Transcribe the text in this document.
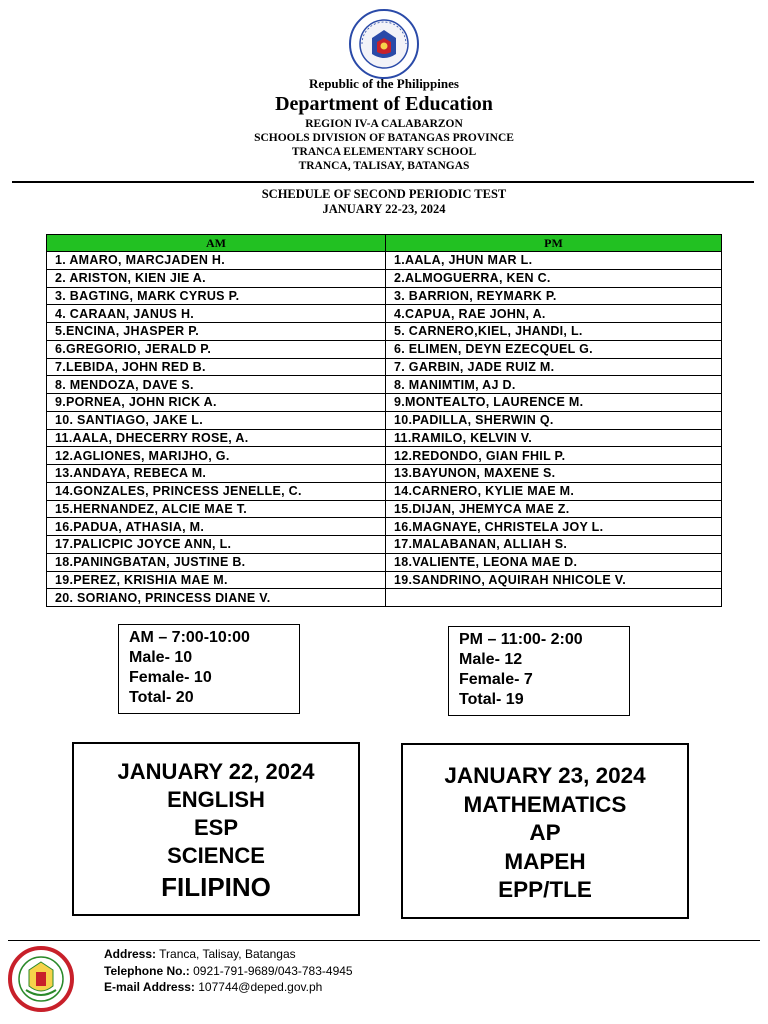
Republic of the Philippines
Department of Education
REGION IV-A CALABARZON
SCHOOLS DIVISION OF BATANGAS PROVINCE
TRANCA ELEMENTARY SCHOOL
TRANCA, TALISAY, BATANGAS
SCHEDULE OF SECOND PERIODIC TEST
JANUARY 22-23, 2024
AM	PM
1. AMARO, MARCJADEN H.	1.AALA, JHUN MAR L.
2. ARISTON, KIEN JIE A.	2.ALMOGUERRA, KEN C.
3. BAGTING, MARK CYRUS P.	3. BARRION, REYMARK P.
4. CARAAN, JANUS H.	4.CAPUA, RAE JOHN, A.
5.ENCINA, JHASPER P.	5. CARNERO,KIEL, JHANDI, L.
6.GREGORIO, JERALD P.	6. ELIMEN, DEYN EZECQUEL G.
7.LEBIDA, JOHN RED B.	7. GARBIN, JADE RUIZ M.
8. MENDOZA, DAVE S.	8. MANIMTIM, AJ D.
9.PORNEA, JOHN RICK A.	9.MONTEALTO, LAURENCE M.
10. SANTIAGO, JAKE L.	10.PADILLA, SHERWIN Q.
11.AALA, DHECERRY ROSE, A.	11.RAMILO, KELVIN V.
12.AGLIONES, MARIJHO, G.	12.REDONDO, GIAN FHIL P.
13.ANDAYA, REBECA M.	13.BAYUNON, MAXENE S.
14.GONZALES, PRINCESS JENELLE, C.	14.CARNERO, KYLIE MAE M.
15.HERNANDEZ, ALCIE MAE T.	15.DIJAN, JHEMYCA MAE Z.
16.PADUA, ATHASIA, M.	16.MAGNAYE, CHRISTELA JOY L.
17.PALICPIC JOYCE ANN, L.	17.MALABANAN, ALLIAH S.
18.PANINGBATAN, JUSTINE B.	18.VALIENTE, LEONA MAE D.
19.PEREZ, KRISHIA MAE M.	19.SANDRINO, AQUIRAH NHICOLE V.
20. SORIANO, PRINCESS DIANE V.	
AM – 7:00-10:00
Male- 10
Female- 10
Total- 20
PM – 11:00- 2:00
Male- 12
Female- 7
Total- 19
JANUARY 22, 2024
ENGLISH
ESP
SCIENCE
FILIPINO
JANUARY 23, 2024
MATHEMATICS
AP
MAPEH
EPP/TLE
Address: Tranca, Talisay, Batangas
Telephone No.: 0921-791-9689/043-783-4945
E-mail Address: 107744@deped.gov.ph
